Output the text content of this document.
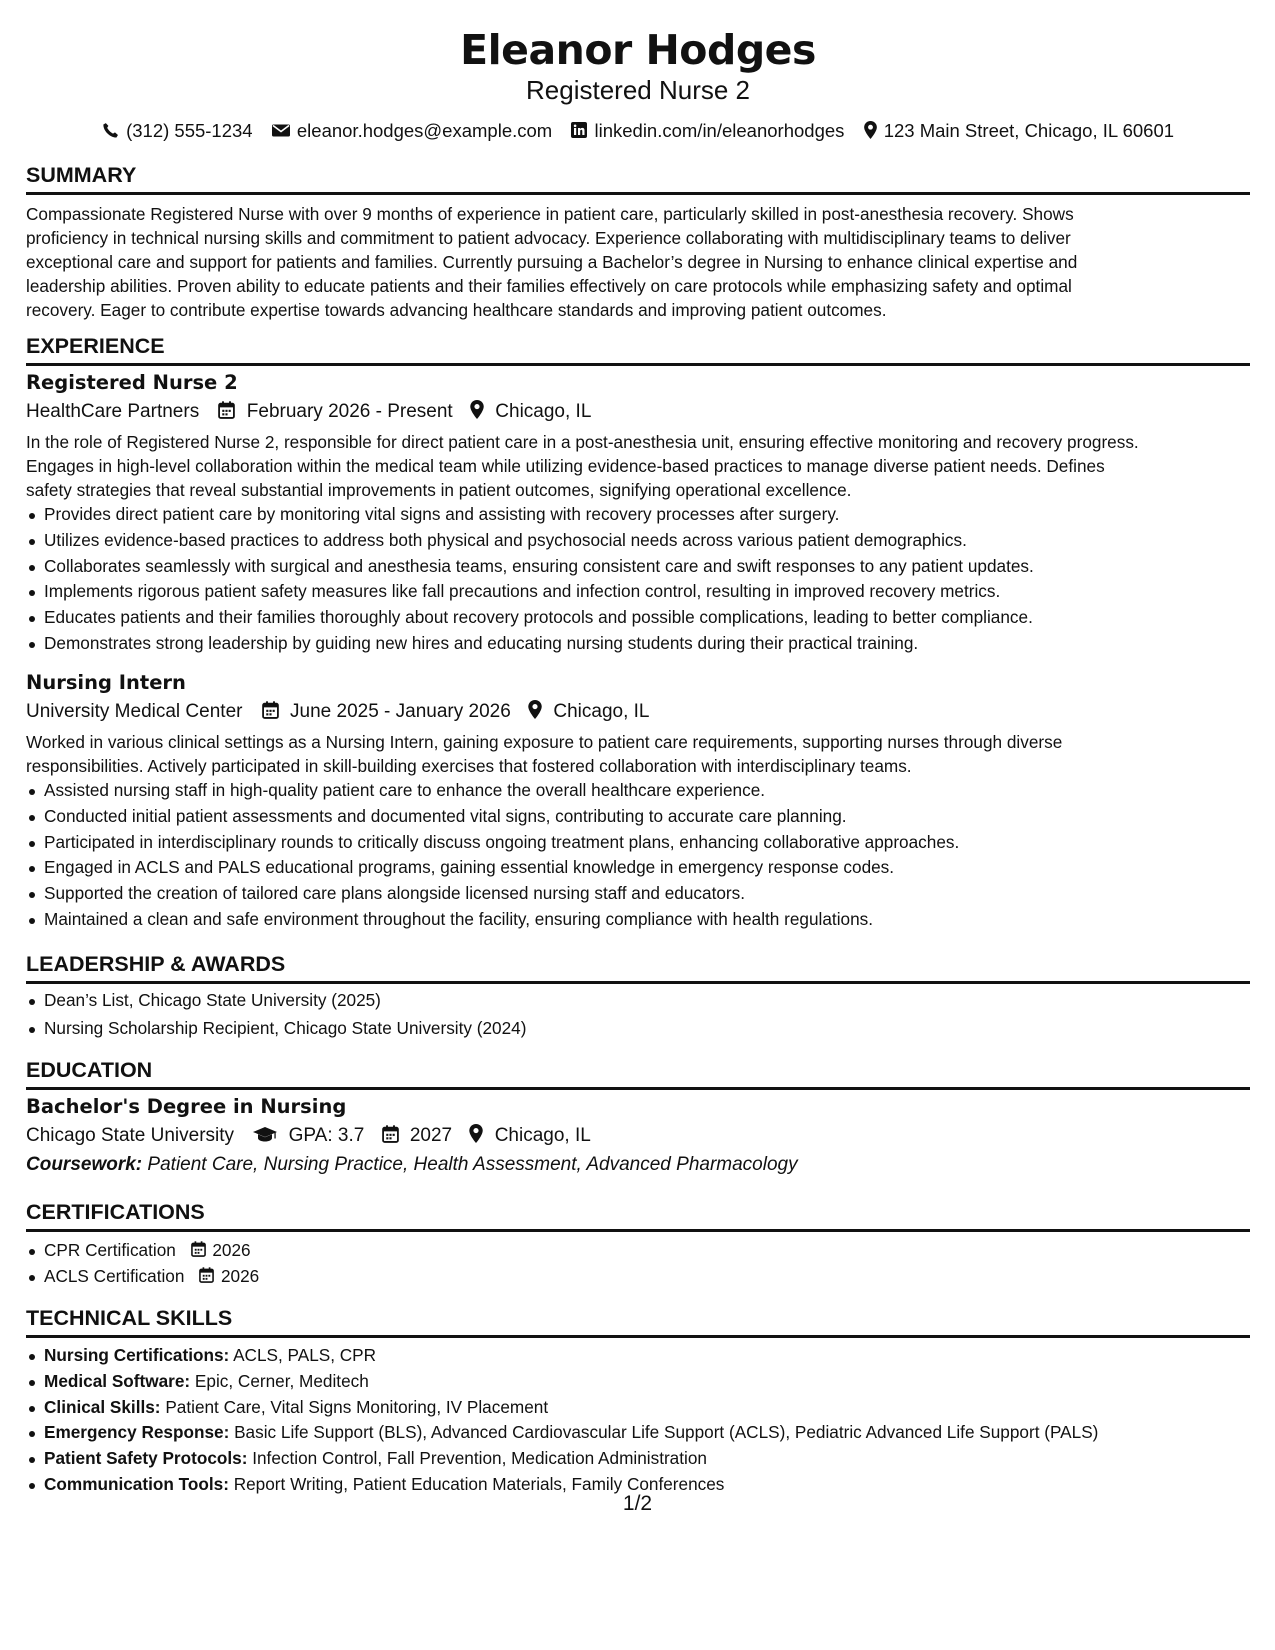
Eleanor Hodges
Registered Nurse 2
(312) 555-1234 eleanor.hodges@example.com linkedin.com/in/eleanorhodges 123 Main Street, Chicago, IL 60601
SUMMARY
Compassionate Registered Nurse with over 9 months of experience in patient care, particularly skilled in post-anesthesia recovery. Shows
proficiency in technical nursing skills and commitment to patient advocacy. Experience collaborating with multidisciplinary teams to deliver
exceptional care and support for patients and families. Currently pursuing a Bachelor’s degree in Nursing to enhance clinical expertise and
leadership abilities. Proven ability to educate patients and their families effectively on care protocols while emphasizing safety and optimal
recovery. Eager to contribute expertise towards advancing healthcare standards and improving patient outcomes.
EXPERIENCE
Registered Nurse 2
HealthCare Partners	February 2026 - Present Chicago, IL
In the role of Registered Nurse 2, responsible for direct patient care in a post-anesthesia unit, ensuring effective monitoring and recovery progress.
Engages in high-level collaboration within the medical team while utilizing evidence-based practices to manage diverse patient needs. Defines
safety strategies that reveal substantial improvements in patient outcomes, signifying operational excellence.
Provides direct patient care by monitoring vital signs and assisting with recovery processes after surgery.
Utilizes evidence-based practices to address both physical and psychosocial needs across various patient demographics.
Collaborates seamlessly with surgical and anesthesia teams, ensuring consistent care and swift responses to any patient updates.
Implements rigorous patient safety measures like fall precautions and infection control, resulting in improved recovery metrics.
Educates patients and their families thoroughly about recovery protocols and possible complications, leading to better compliance.
Demonstrates strong leadership by guiding new hires and educating nursing students during their practical training.
Nursing Intern
University Medical Center	June 2025 - January 2026 Chicago, IL
Worked in various clinical settings as a Nursing Intern, gaining exposure to patient care requirements, supporting nurses through diverse
responsibilities. Actively participated in skill-building exercises that fostered collaboration with interdisciplinary teams.
Assisted nursing staff in high-quality patient care to enhance the overall healthcare experience.
Conducted initial patient assessments and documented vital signs, contributing to accurate care planning.
Participated in interdisciplinary rounds to critically discuss ongoing treatment plans, enhancing collaborative approaches.
Engaged in ACLS and PALS educational programs, gaining essential knowledge in emergency response codes.
Supported the creation of tailored care plans alongside licensed nursing staff and educators.
Maintained a clean and safe environment throughout the facility, ensuring compliance with health regulations.
LEADERSHIP & AWARDS
Dean’s List, Chicago State University (2025)
Nursing Scholarship Recipient, Chicago State University (2024)
EDUCATION
Bachelor's Degree in Nursing
Chicago State University	GPA: 3.7 2027 Chicago, IL
Coursework: Patient Care, Nursing Practice, Health Assessment, Advanced Pharmacology
CERTIFICATIONS
CPR Certification 2026
ACLS Certification 2026
TECHNICAL SKILLS
Nursing Certifications: ACLS, PALS, CPR
Medical Software: Epic, Cerner, Meditech
Clinical Skills: Patient Care, Vital Signs Monitoring, IV Placement
Emergency Response: Basic Life Support (BLS), Advanced Cardiovascular Life Support (ACLS), Pediatric Advanced Life Support (PALS)
Patient Safety Protocols: Infection Control, Fall Prevention, Medication Administration
Communication Tools: Report Writing, Patient Education Materials, Family Conferences
1/2
